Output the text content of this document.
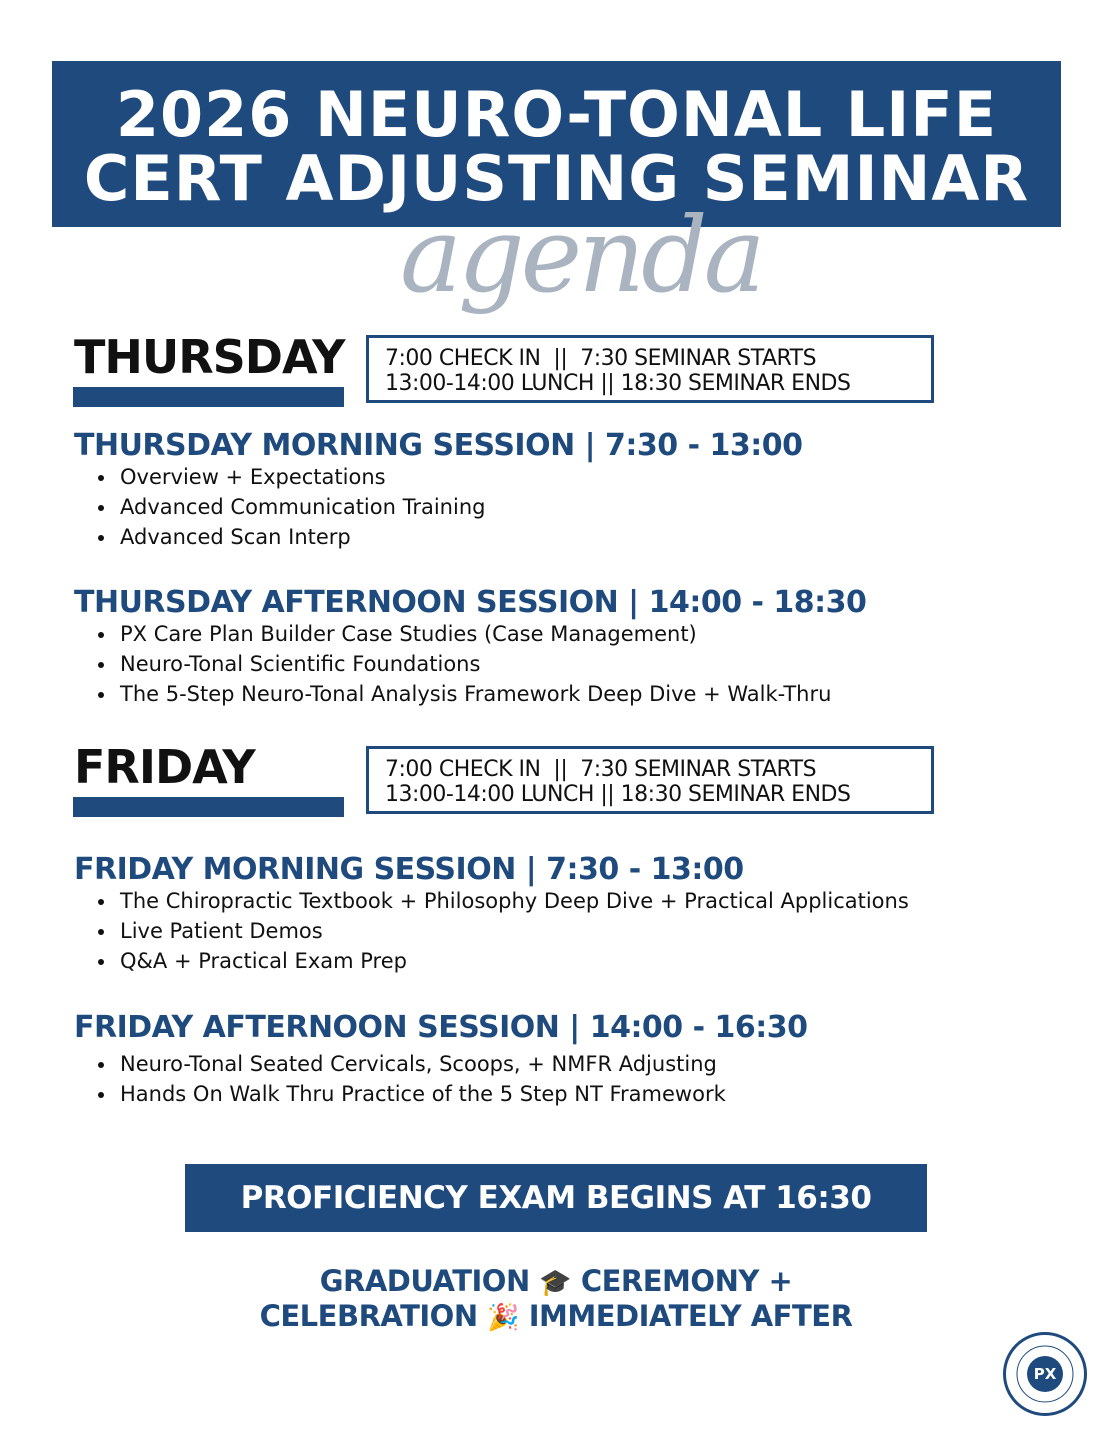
2026 NEURO-TONAL LIFE
CERT ADJUSTING SEMINAR
agenda
THURSDAY 7:00 CHECK IN  ||  7:30 SEMINAR STARTS
13:00-14:00 LUNCH || 18:30 SEMINAR ENDS
THURSDAY MORNING SESSION | 7:30 - 13:00
Overview + Expectations
Advanced Communication Training
Advanced Scan Interp
THURSDAY AFTERNOON SESSION | 14:00 - 18:30
PX Care Plan Builder Case Studies (Case Management)
Neuro-Tonal Scientific Foundations
The 5-Step Neuro-Tonal Analysis Framework Deep Dive + Walk-Thru
FRIDAY	7:00 CHECK IN  ||  7:30 SEMINAR STARTS
13:00-14:00 LUNCH || 18:30 SEMINAR ENDS
FRIDAY MORNING SESSION | 7:30 - 13:00
The Chiropractic Textbook + Philosophy Deep Dive + Practical Applications
Live Patient Demos
Q&A + Practical Exam Prep
FRIDAY AFTERNOON SESSION | 14:00 - 16:30
Neuro-Tonal Seated Cervicals, Scoops, + NMFR Adjusting
Hands On Walk Thru Practice of the 5 Step NT Framework
PROFICIENCY EXAM BEGINS AT 16:30
GRADUATION 🎓 CEREMONY +
CELEBRATION 🎉 IMMEDIATELY AFTER
PX
